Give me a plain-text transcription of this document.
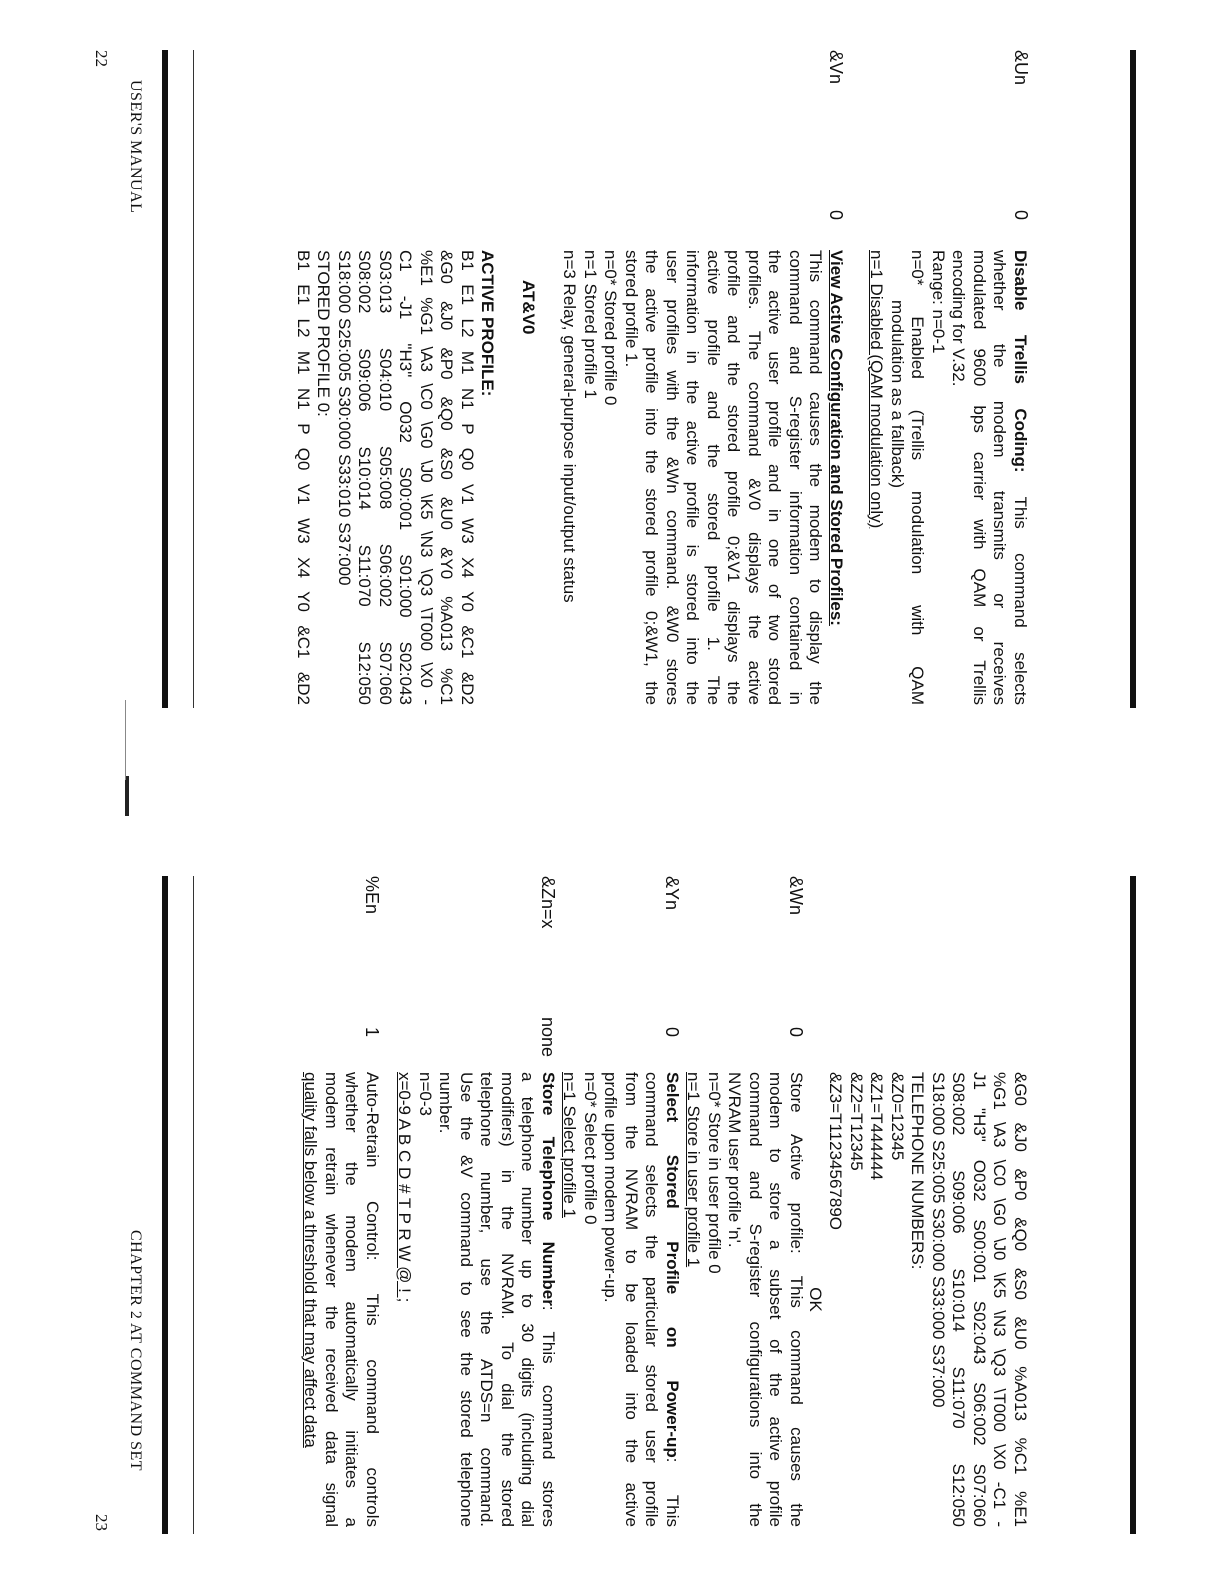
&Un
0

Disable Trellis Coding: This command selects

whether the modem transmits or receives

modulated 9600 bps carrier with QAM or Trellis

encoding for V.32.

Range: n=0-1

n=0* Enabled (Trellis modulation with QAM

modulation as a fallback)

n=1 Disabled (QAM modulation only)

&Vn
0

View Active Configuration and Stored Profiles:

This command causes the modem to display the

command and S-register information contained in

the active user profile and in one of two stored

profiles. The command &V0 displays the active

profile and the stored profile 0;&V1 displays the

active profile and the stored profile 1. The

information in the active profile is stored into the

user profiles with the &Wn command. &W0 stores

the active profile into the stored profile 0;&W1, the

stored profile 1.

n=0* Stored profile 0

n=1 Stored profile 1

n=3 Relay, general-purpose input/output status

AT&V0

ACTIVE PROFILE:

B1 E1 L2 M1 N1 P Q0 V1 W3 X4 Y0 &C1 &D2

&G0 &J0 &P0 &Q0 &S0 &U0 &Y0 %A013 %C1

%E1 %G1 \A3 \C0 \G0 \J0 \K5 \N3 \Q3 \T000 \X0 -

C1 -J1 "H3" O032 S00:001 S01:000 S02:043

S03:013 S04:010 S05:008 S06:002 S07:060

S08:002 S09:006 S10:014 S11:070 S12:050

S18:000 S25:005 S30:000 S33:010 S37:000

STORED PROFILE 0:

B1 E1 L2 M1 N1 P Q0 V1 W3 X4 Y0 &C1 &D2

USER'S MANUAL
22

&G0 &J0 &P0 &Q0 &S0 &U0 %A013 %C1 %E1

%G1 \A3 \C0 \G0 \J0 \K5 \N3 \Q3 \T000 \X0 -C1 -

J1 "H3" O032 S00:001 S02:043 S06:002 S07:060

S08:002 S09:006 S10:014 S11:070 S12:050

S18:000 S25:005 S30:000 S33:000 S37:000

TELEPHONE NUMBERS:

&Z0=12345

&Z1=T444444

&Z2=T12345

&Z3=T1123456789O

OK

&Wn
0

Store Active profile: This command causes the

modem to store a subset of the active profile

command and S-register configurations into the

NVRAM user profile 'n'.

n=0* Store in user profile 0

n=1 Store in user profile 1

&Yn
0

Select Stored Profile on Power-up: This

command selects the particular stored user profile

from the NVRAM to be loaded into the active

profile upon modem power-up.

n=0* Select profile 0

n=1 Select profile 1

&Zn=x
none

Store Telephone Number: This command stores

a telephone number up to 30 digits (including dial

modifiers) in the NVRAM. To dial the stored

telephone number, use the ATDS=n command.

Use the &V command to see the stored telephone

number.

n=0-3

x=0-9 A B C D # T P R W @ ! ;

%En
1

Auto-Retrain Control: This command controls

whether the modem automatically initiates a

modem retrain whenever the received data signal

quality falls below a threshold that may affect data

CHAPTER 2 AT COMMAND SET
23
